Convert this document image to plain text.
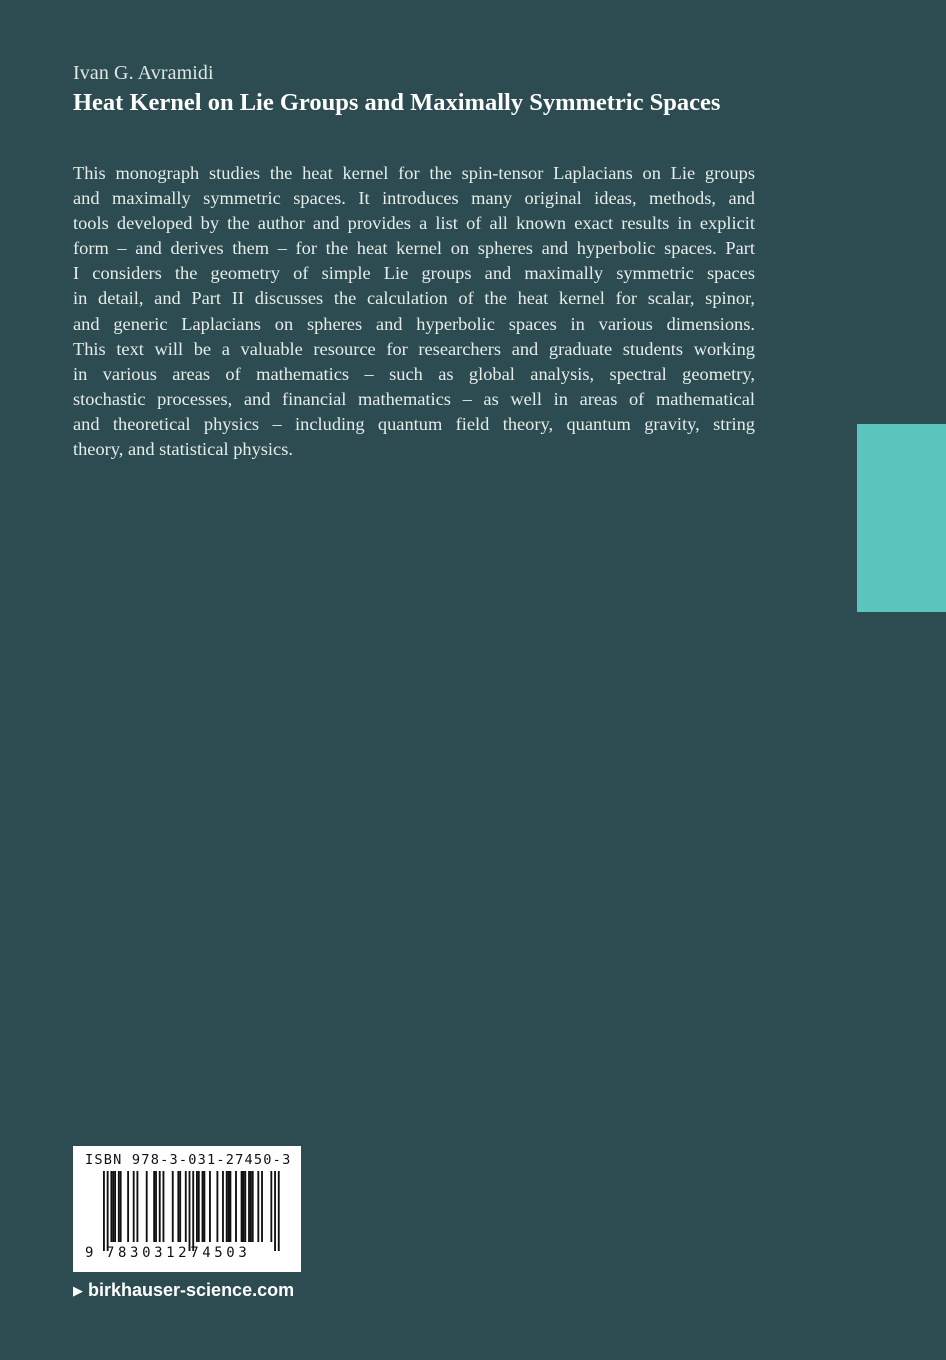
Ivan G. Avramidi
Heat Kernel on Lie Groups and Maximally Symmetric Spaces
This monograph studies the heat kernel for the spin-tensor Laplacians on Lie groups
and maximally symmetric spaces. It introduces many original ideas, methods, and
tools developed by the author and provides a list of all known exact results in explicit
form – and derives them – for the heat kernel on spheres and hyperbolic spaces. Part
I considers the geometry of simple Lie groups and maximally symmetric spaces
in detail, and Part II discusses the calculation of the heat kernel for scalar, spinor,
and generic Laplacians on spheres and hyperbolic spaces in various dimensions.
This text will be a valuable resource for researchers and graduate students working
in various areas of mathematics – such as global analysis, spectral geometry,
stochastic processes, and financial mathematics – as well in areas of mathematical
and theoretical physics – including quantum field theory, quantum gravity, string
theory, and statistical physics.
ISBN 978-3-031-27450-3
9 783031274503
▶ birkhauser-science.com
